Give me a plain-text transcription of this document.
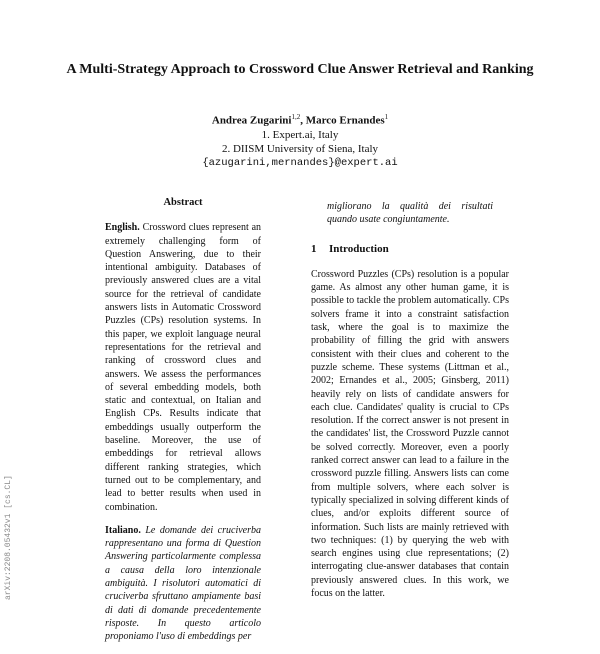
arXiv:2208.05432v1 [cs.CL]
A Multi-Strategy Approach to Crossword Clue Answer Retrieval and Ranking
Andrea Zugarini$^{1,2}$, Marco Ernandes$^1$
1. Expert.ai, Italy
2. DIISM University of Siena, Italy
{azugarini,mernandes}@expert.ai
Abstract

English. Crossword clues represent an extremely challenging form of Question Answering, due to their intentional ambiguity. Databases of previously answered clues are a vital source for the retrieval of candidate answers lists in Automatic Crossword Puzzles (CPs) resolution systems. In this paper, we exploit language neural representations for the retrieval and ranking of crossword clues and answers. We assess the performances of several embedding models, both static and contextual, on Italian and English CPs. Results indicate that embeddings usually outperform the baseline. Moreover, the use of embeddings for retrieval allows different ranking strategies, which turned out to be complementary, and lead to better results when used in combination.

Italiano. Le domande dei cruciverba rappresentano una forma di Question Answering particolarmente complessa a causa della loro intenzionale ambiguità. I risolutori automatici di cruciverba sfruttano ampiamente basi di dati di domande precedentemente risposte. In questo articolo proponiamo l'uso di embeddings per

migliorano la qualità dei risultati quando usate congiuntamente.

1 Introduction

Crossword Puzzles (CPs) resolution is a popular game. As almost any other human game, it is possible to tackle the problem automatically. CPs solvers frame it into a constraint satisfaction task, where the goal is to maximize the probability of filling the grid with answers consistent with their clues and coherent to the puzzle scheme. These systems (Littman et al., 2002; Ernandes et al., 2005; Ginsberg, 2011) heavily rely on lists of candidate answers for each clue. Candidates' quality is crucial to CPs resolution. If the correct answer is not present in the candidates' list, the Crossword Puzzle cannot be solved correctly. Moreover, even a poorly ranked correct answer can lead to a failure in the crossword puzzle filling. Answers lists can come from multiple solvers, where each solver is typically specialized in solving different kinds of clues, and/or exploits different source of information. Such lists are mainly retrieved with two techniques: (1) by querying the web with search engines using clue representations; (2) interrogating clue-answer databases that contain previously answered clues. In this work, we focus on the latter.
